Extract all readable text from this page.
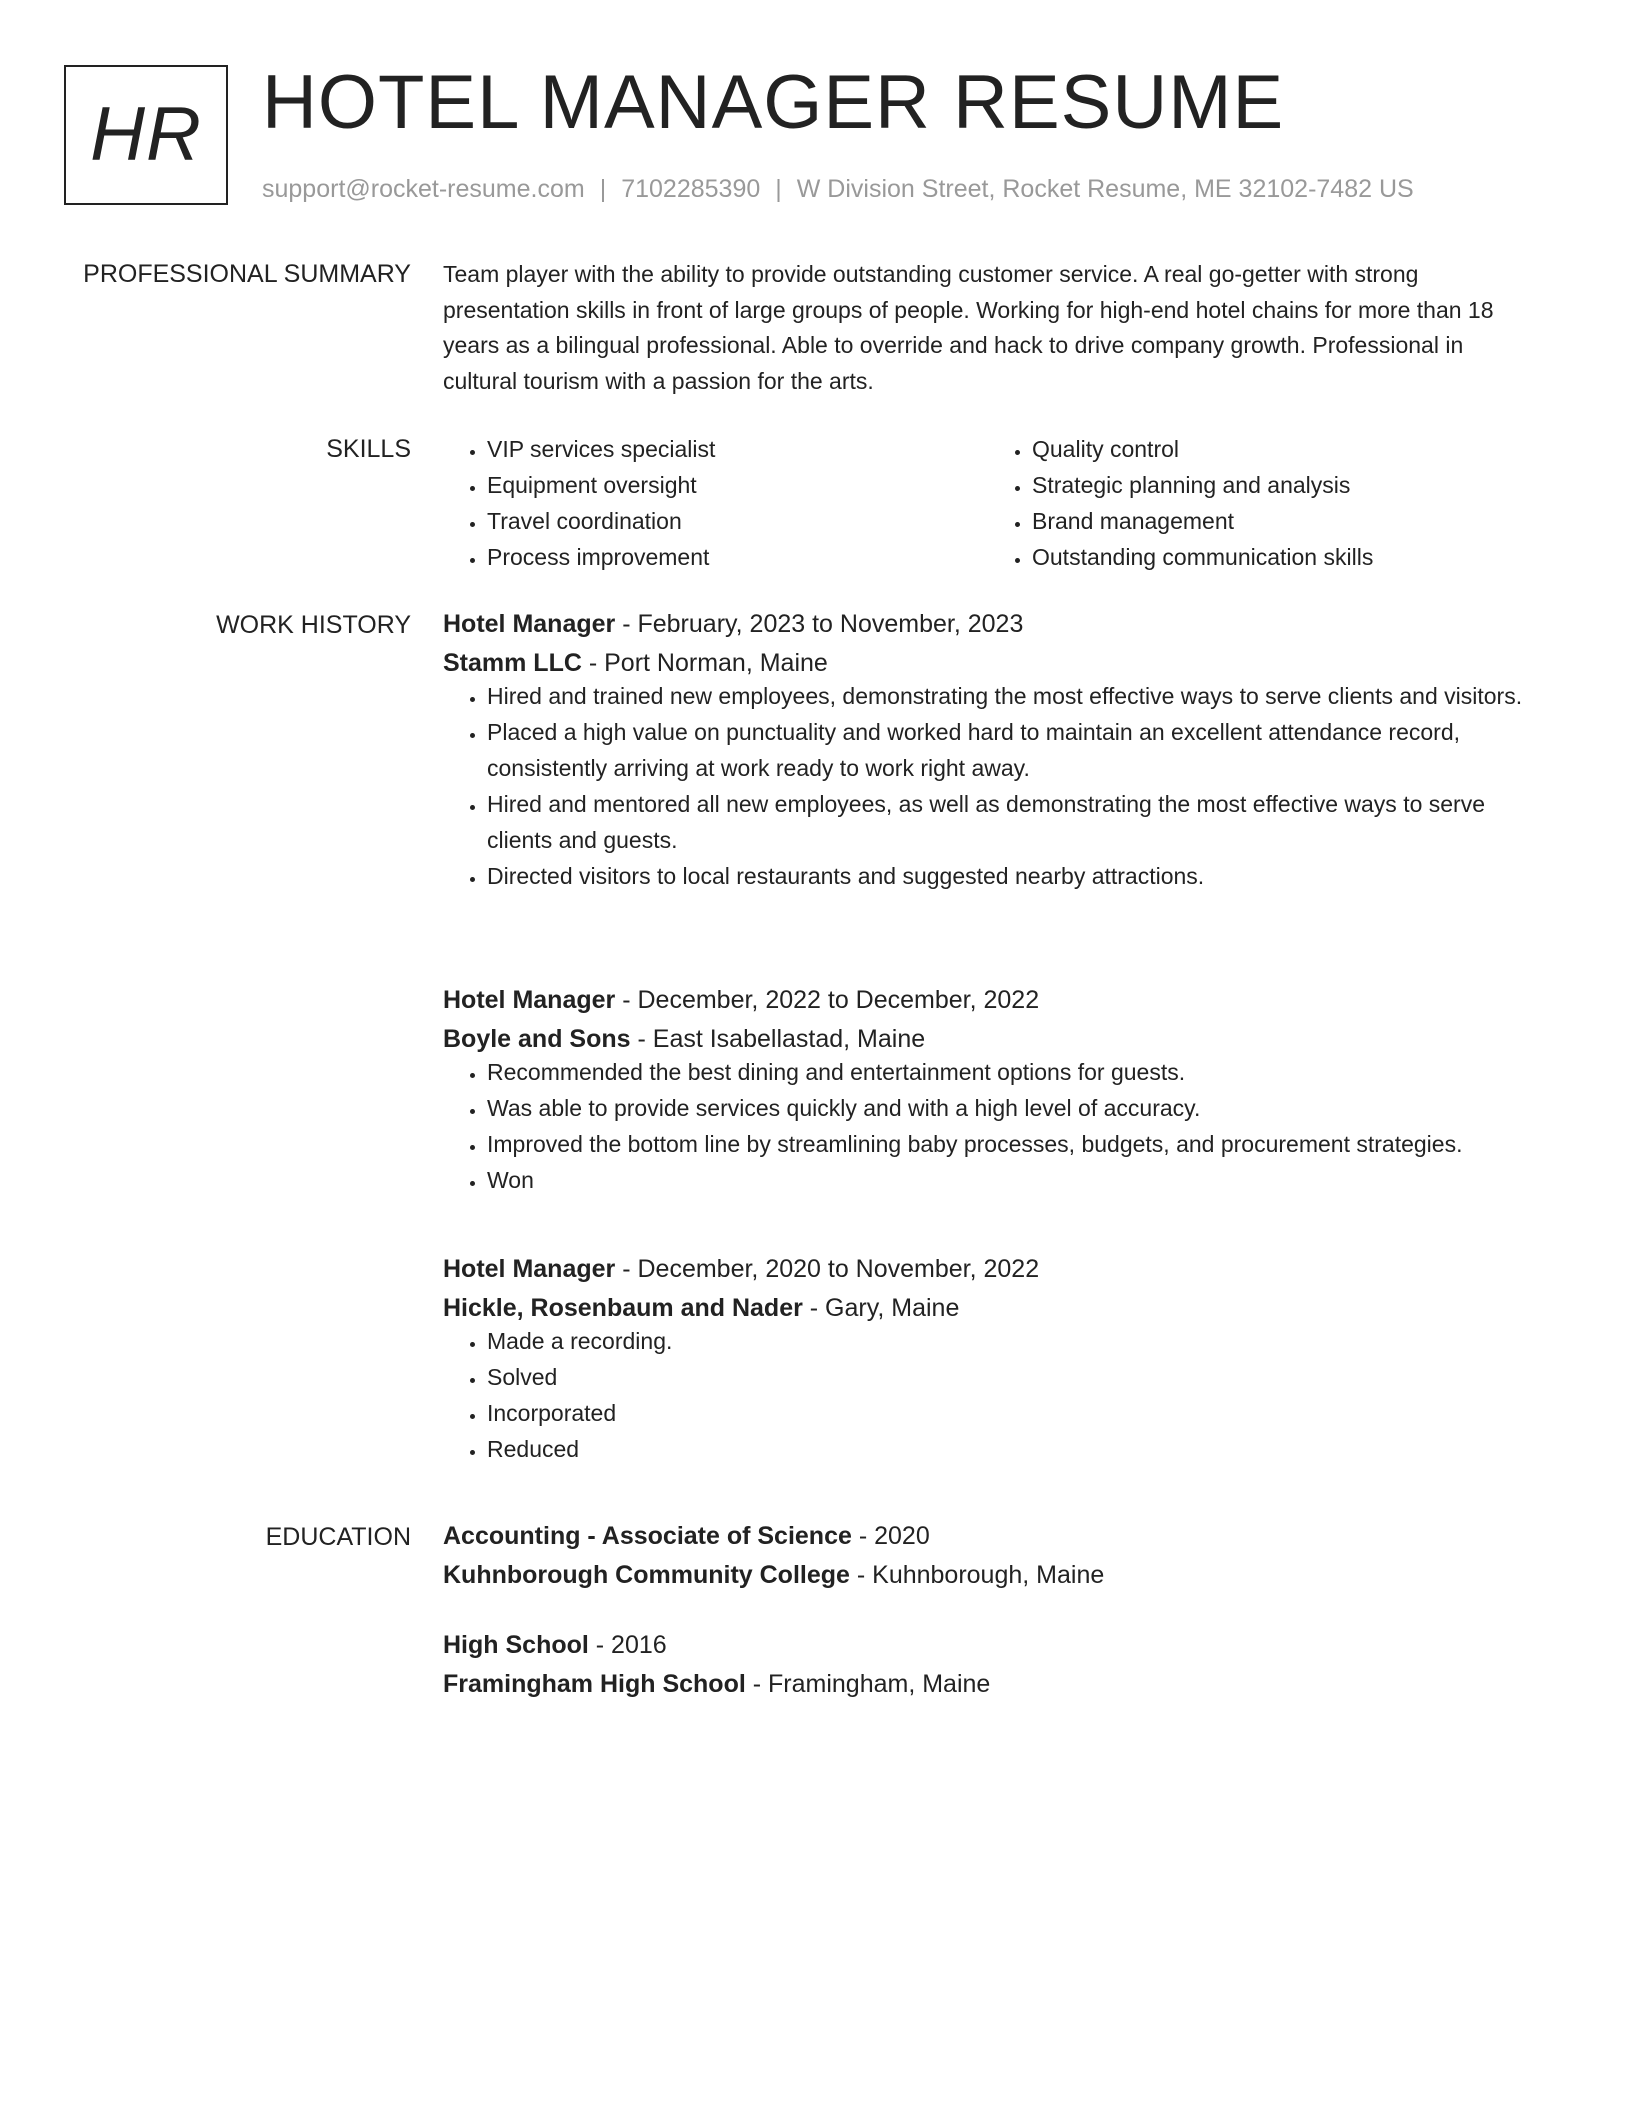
HR HOTEL MANAGER RESUME
support@rocket-resume.com | 7102285390 | W Division Street, Rocket Resume, ME 32102-7482 US
PROFESSIONAL SUMMARY Team player with the ability to provide outstanding customer service. A real go-getter with strong presentation skills in front of large groups of people. Working for high-end hotel chains for more than 18 years as a bilingual professional. Able to override and hack to drive company growth. Professional in cultural tourism with a passion for the arts.

SKILLS
•	VIP services specialist
• Equipment oversight
• Travel coordination
• Process improvement
• Quality control
• Strategic planning and analysis
• Brand management
• Outstanding communication skills
WORK HISTORY Hotel Manager - February, 2023 to November, 2023

Stamm LLC - Port Norman, Maine

• Hired and trained new employees, demonstrating the most effective ways to serve clients and visitors.
• Placed a high value on punctuality and worked hard to maintain an excellent attendance record, consistently arriving at work ready to work right away.
• Hired and mentored all new employees, as well as demonstrating the most effective ways to serve clients and guests.
• Directed visitors to local restaurants and suggested nearby attractions.

Hotel Manager - December, 2022 to December, 2022

Boyle and Sons - East Isabellastad, Maine

• Recommended the best dining and entertainment options for guests.
• Was able to provide services quickly and with a high level of accuracy.
• Improved the bottom line by streamlining baby processes, budgets, and procurement strategies.
• Won

Hotel Manager - December, 2020 to November, 2022

Hickle, Rosenbaum and Nader - Gary, Maine

• Made a recording.
• Solved
• Incorporated
• Reduced
EDUCATION Accounting - Associate of Science - 2020

Kuhnborough Community College - Kuhnborough, Maine

High School - 2016

Framingham High School - Framingham, Maine
